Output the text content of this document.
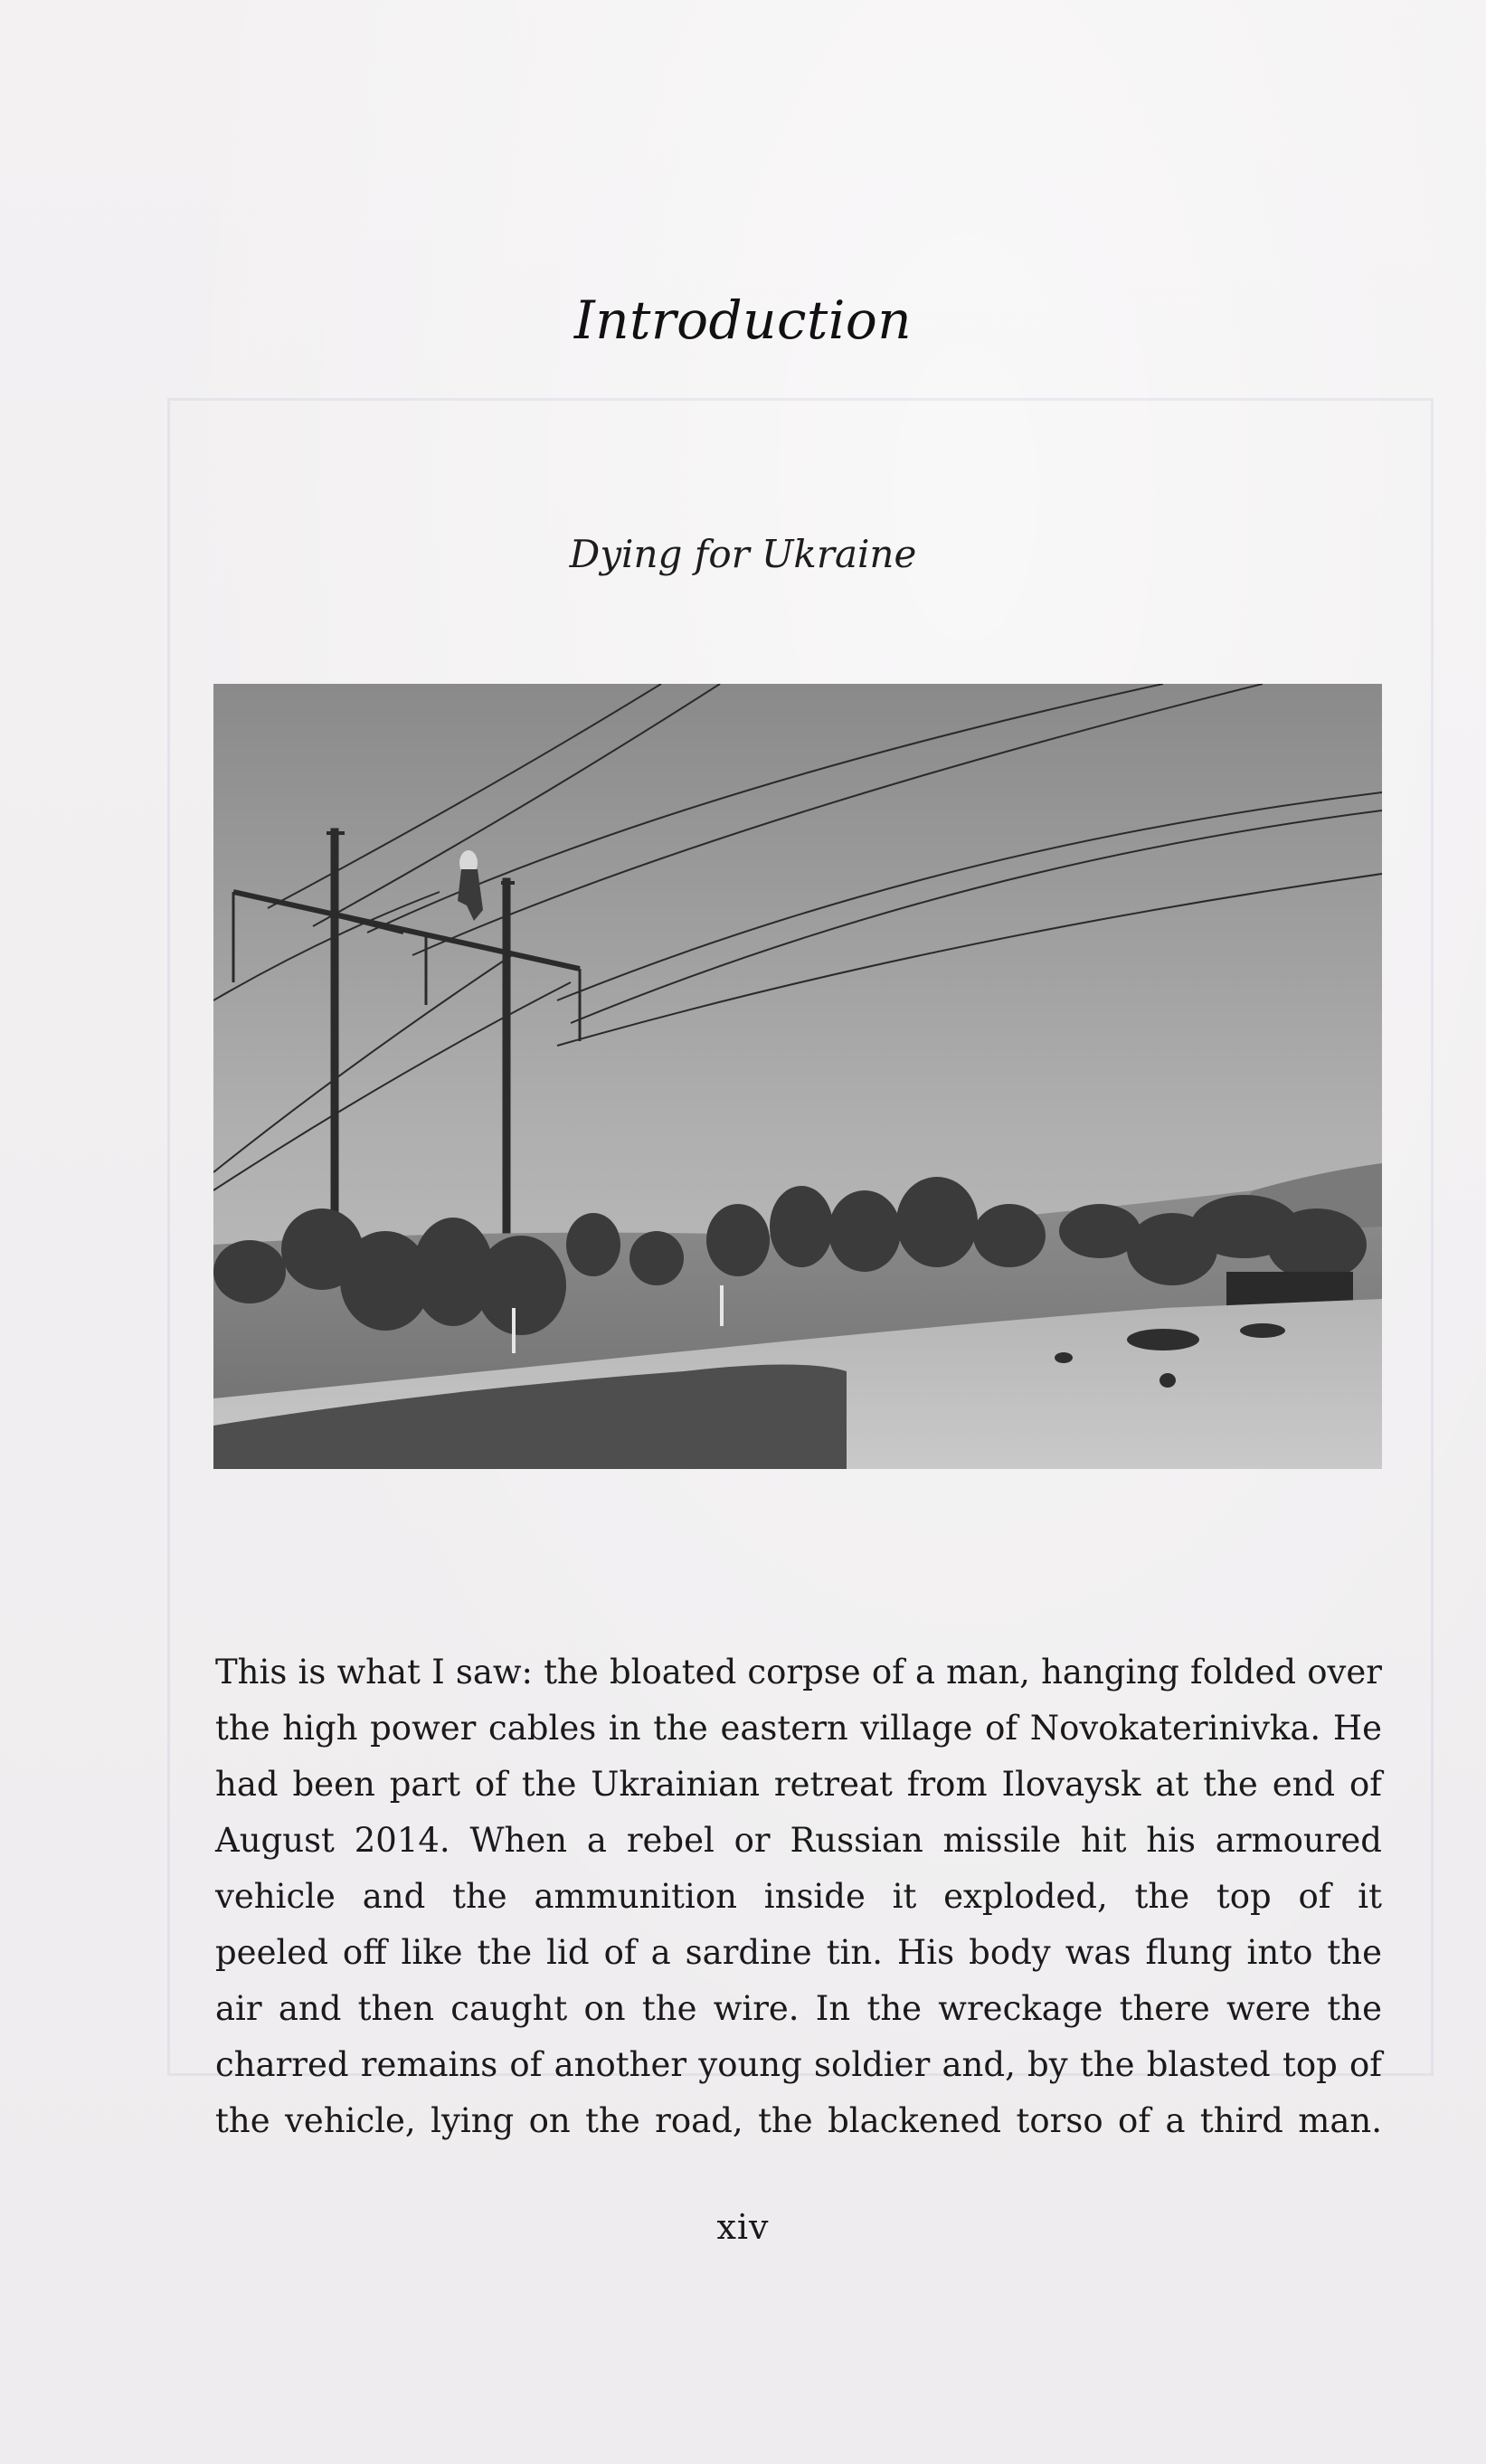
Introduction
Dying for Ukraine
This is what I saw: the bloated corpse of a man, hanging folded over
the high power cables in the eastern village of Novokaterinivka. He
had been part of the Ukrainian retreat from Ilovaysk at the end of
August 2014. When a rebel or Russian missile hit his armoured
vehicle and the ammunition inside it exploded, the top of it
peeled off like the lid of a sardine tin. His body was flung into the
air and then caught on the wire. In the wreckage there were the
charred remains of another young soldier and, by the blasted top of
the vehicle, lying on the road, the blackened torso of a third man.
xiv
